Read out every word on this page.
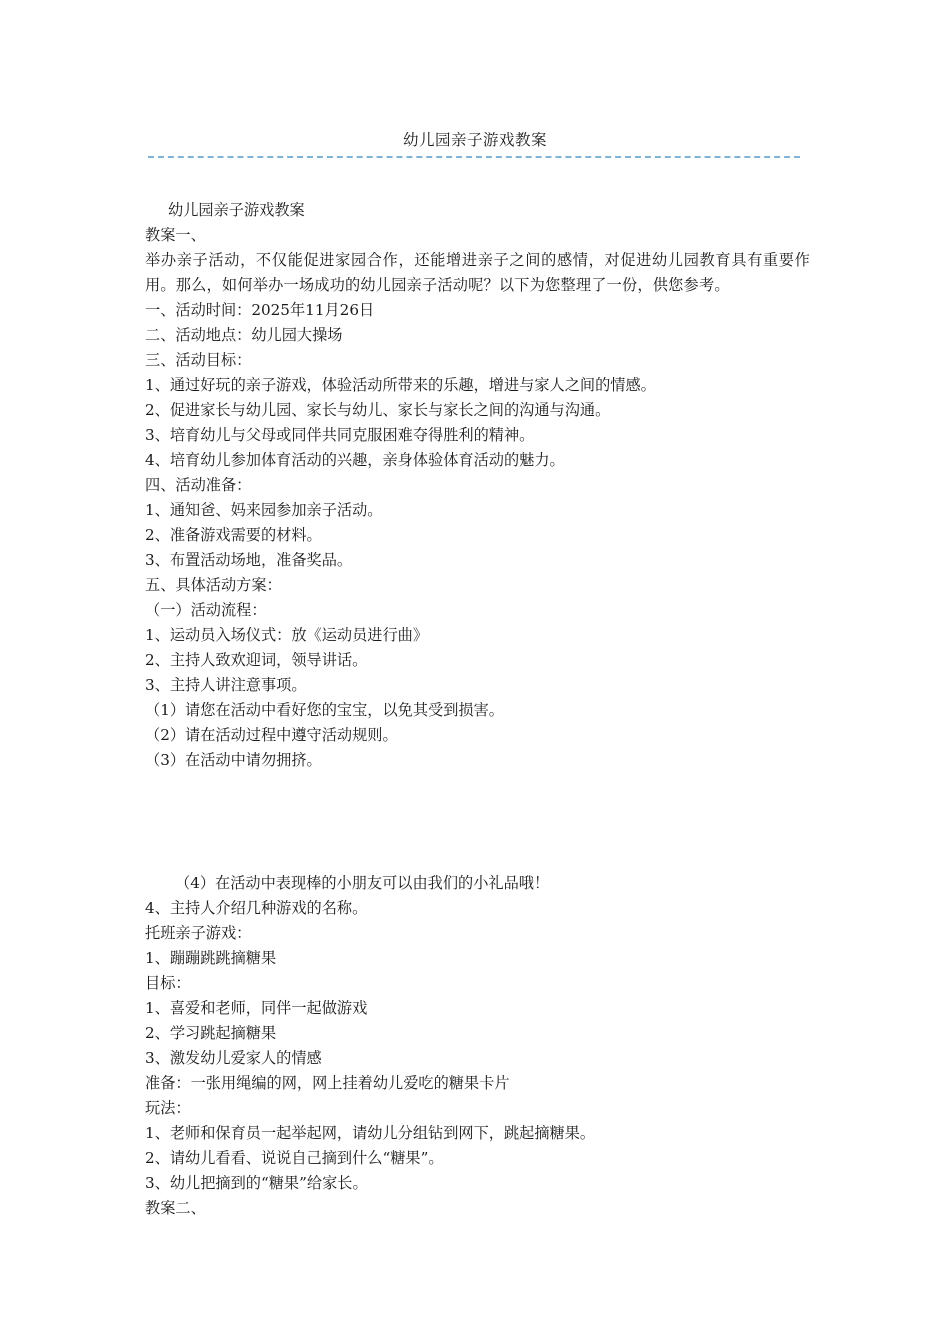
幼儿园亲子游戏教案
幼儿园亲子游戏教案
教案一、
举办亲子活动，不仅能促进家园合作，还能增进亲子之间的感情，对促进幼儿园教育具有重要作用。那么，如何举办一场成功的幼儿园亲子活动呢？以下为您整理了一份，供您参考。
一、活动时间：2025年11月26日
二、活动地点：幼儿园大操场
三、活动目标：
1、通过好玩的亲子游戏，体验活动所带来的乐趣，增进与家人之间的情感。
2、促进家长与幼儿园、家长与幼儿、家长与家长之间的沟通与沟通。
3、培育幼儿与父母或同伴共同克服困难夺得胜利的精神。
4、培育幼儿参加体育活动的兴趣，亲身体验体育活动的魅力。
四、活动准备：
1、通知爸、妈来园参加亲子活动。
2、准备游戏需要的材料。
3、布置活动场地，准备奖品。
五、具体活动方案：
（一）活动流程：
1、运动员入场仪式：放《运动员进行曲》
2、主持人致欢迎词，领导讲话。
3、主持人讲注意事项。
（1）请您在活动中看好您的宝宝，以免其受到损害。
（2）请在活动过程中遵守活动规则。
（3）在活动中请勿拥挤。
（4）在活动中表现棒的小朋友可以由我们的小礼品哦！
4、主持人介绍几种游戏的名称。
托班亲子游戏：
1、蹦蹦跳跳摘糖果
目标：
1、喜爱和老师，同伴一起做游戏
2、学习跳起摘糖果
3、激发幼儿爱家人的情感
准备：一张用绳编的网，网上挂着幼儿爱吃的糖果卡片
玩法：
1、老师和保育员一起举起网，请幼儿分组钻到网下，跳起摘糖果。
2、请幼儿看看、说说自己摘到什么“糖果”。
3、幼儿把摘到的“糖果”给家长。
教案二、
